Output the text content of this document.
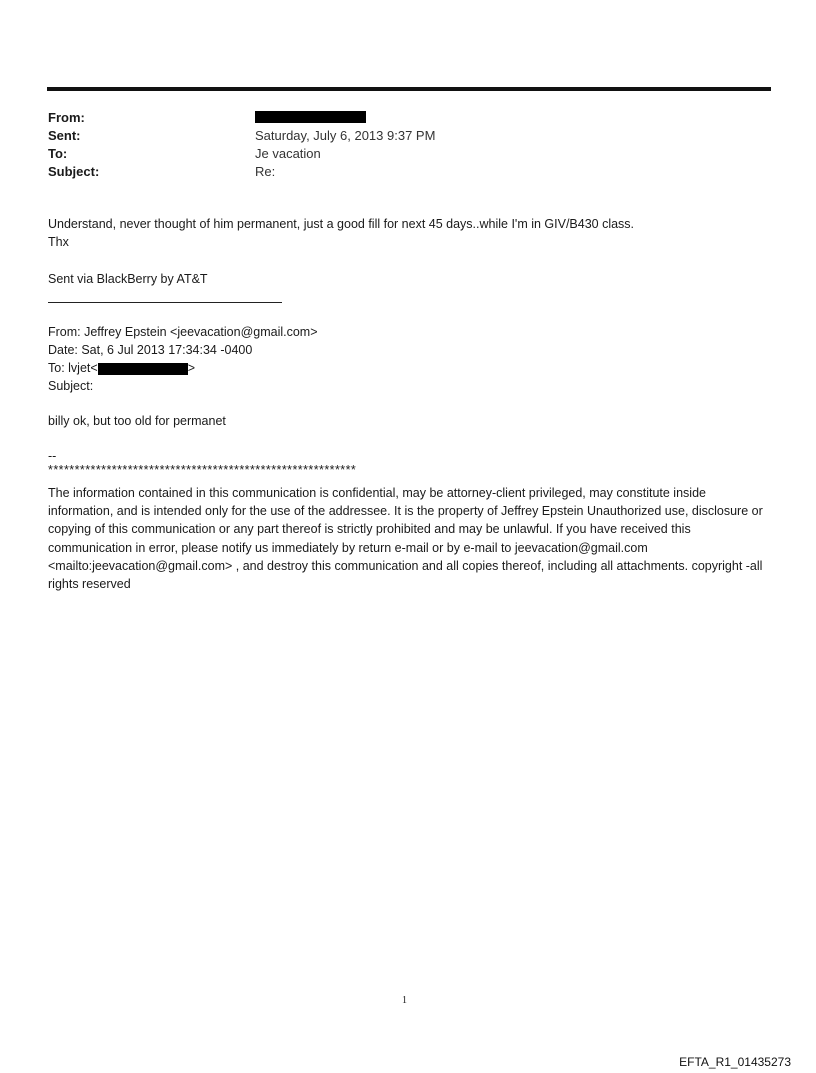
From:
Sent:	Saturday, July 6, 2013 9:37 PM
To:	Je vacation
Subject:	Re:
Understand, never thought of him permanent, just a good fill for next 45 days..while I'm in GIV/B430 class.
Thx
Sent via BlackBerry by AT&T
From: Jeffrey Epstein <jeevacation@gmail.com>
Date: Sat, 6 Jul 2013 17:34:34 -0400
To: lvjet<	>
Subject:
billy ok, but too old for permanet
--
**********************************************************
The information contained in this communication is confidential, may be attorney-client privileged, may constitute inside information, and is intended only for the use of the addressee. It is the property of Jeffrey Epstein Unauthorized use, disclosure or copying of this communication or any part thereof is strictly prohibited and may be unlawful. If you have received this communication in error, please notify us immediately by return e-mail or by e-mail to jeevacation@gmail.com <mailto:jeevacation@gmail.com> , and destroy this communication and all copies thereof, including all attachments. copyright -all rights reserved
1
EFTA_R1_01435273
